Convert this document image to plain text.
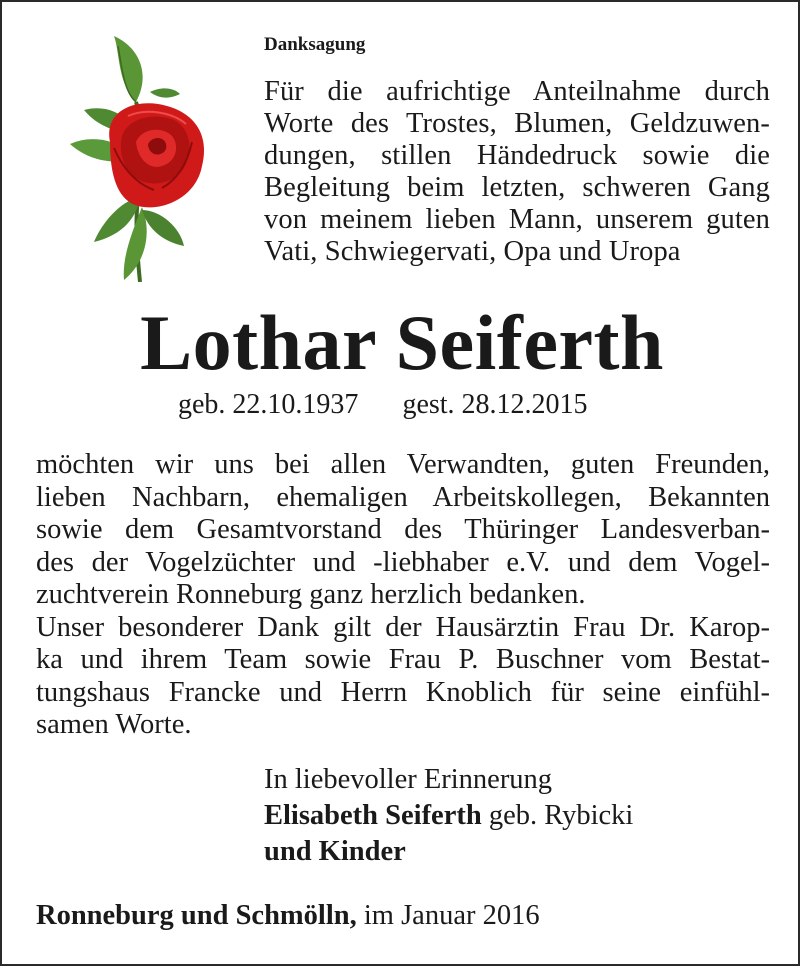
Danksagung
Für die aufrichtige Anteilnahme durch
Worte des Trostes, Blumen, Geldzuwen-
dungen, stillen Händedruck sowie die
Begleitung beim letzten, schweren Gang
von meinem lieben Mann, unserem guten
Vati, Schwiegervati, Opa und Uropa
Lothar Seiferth
geb. 22.10.1937 gest. 28.12.2015
möchten wir uns bei allen Verwandten, guten Freunden,
lieben Nachbarn, ehemaligen Arbeitskollegen, Bekannten
sowie dem Gesamtvorstand des Thüringer Landesverban-
des der Vogelzüchter und -liebhaber e.V. und dem Vogel-
zuchtverein Ronneburg ganz herzlich bedanken.
Unser besonderer Dank gilt der Hausärztin Frau Dr. Karop-
ka und ihrem Team sowie Frau P. Buschner vom Bestat-
tungshaus Francke und Herrn Knoblich für seine einfühl-
samen Worte.
In liebevoller Erinnerung
Elisabeth Seiferth geb. Rybicki
und Kinder
Ronneburg und Schmölln, im Januar 2016
